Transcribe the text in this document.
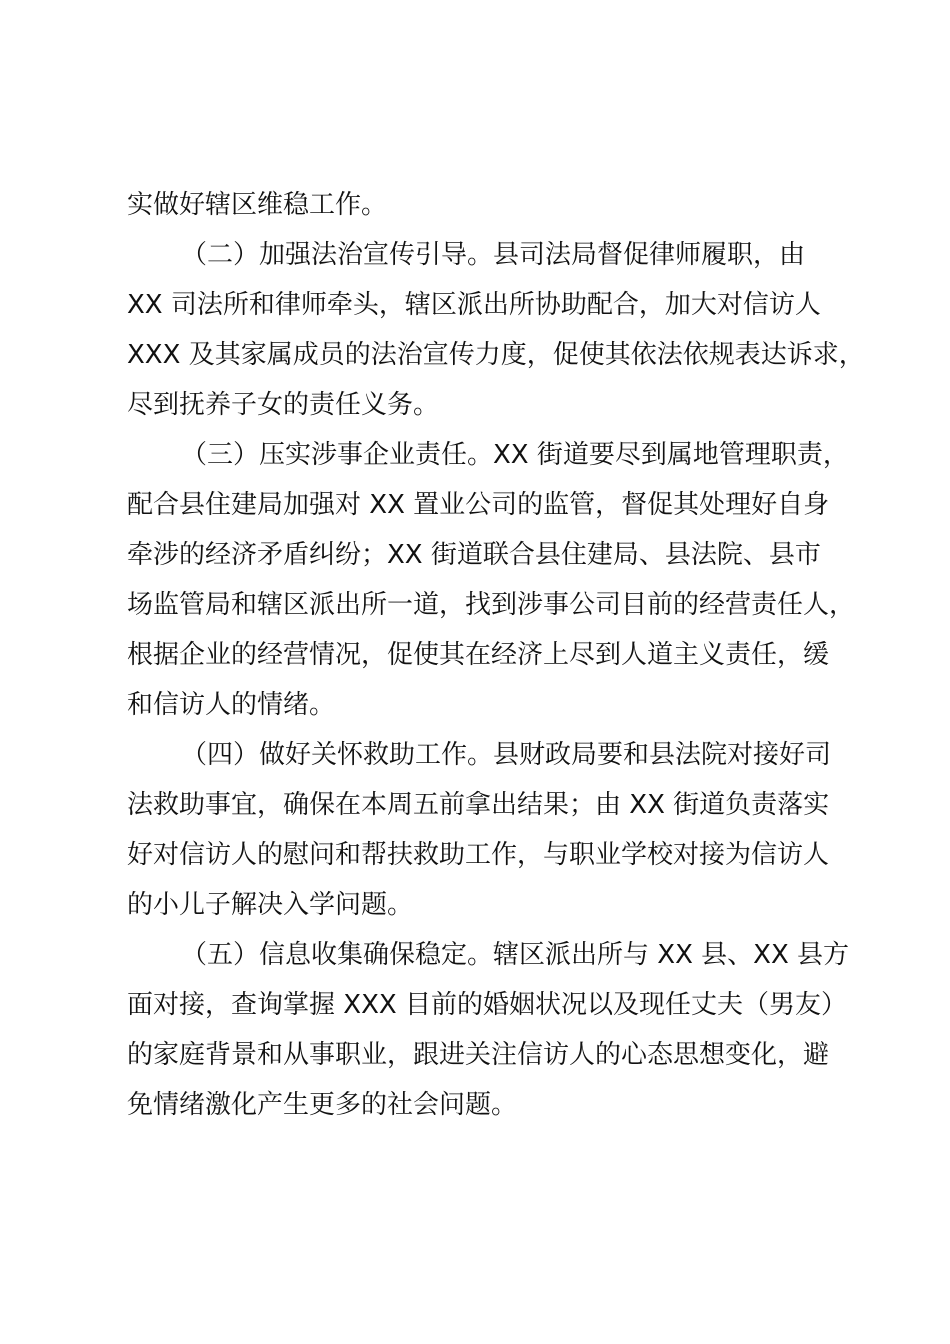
实做好辖区维稳工作。
（二）加强法治宣传引导。县司法局督促律师履职，由
XX 司法所和律师牵头，辖区派出所协助配合，加大对信访人
XXX 及其家属成员的法治宣传力度，促使其依法依规表达诉求，
尽到抚养子女的责任义务。
（三）压实涉事企业责任。XX 街道要尽到属地管理职责，
配合县住建局加强对 XX 置业公司的监管，督促其处理好自身
牵涉的经济矛盾纠纷；XX 街道联合县住建局、县法院、县市
场监管局和辖区派出所一道，找到涉事公司目前的经营责任人，
根据企业的经营情况，促使其在经济上尽到人道主义责任，缓
和信访人的情绪。
（四）做好关怀救助工作。县财政局要和县法院对接好司
法救助事宜，确保在本周五前拿出结果；由 XX 街道负责落实
好对信访人的慰问和帮扶救助工作，与职业学校对接为信访人
的小儿子解决入学问题。
（五）信息收集确保稳定。辖区派出所与 XX 县、XX 县方
面对接，查询掌握 XXX 目前的婚姻状况以及现任丈夫（男友）
的家庭背景和从事职业，跟进关注信访人的心态思想变化，避
免情绪激化产生更多的社会问题。
